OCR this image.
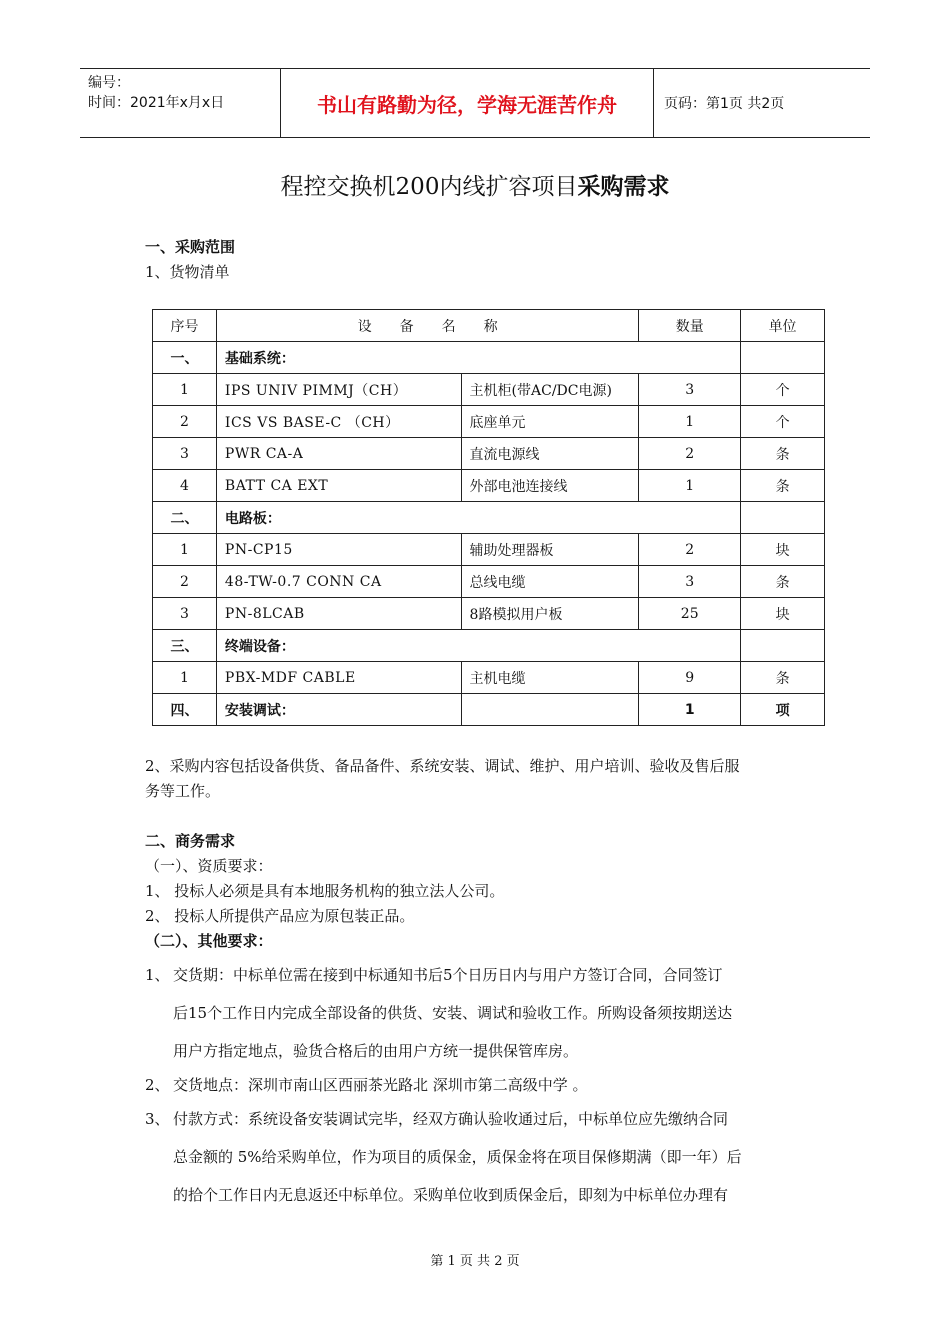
编号：
时间：2021年x月x日	书山有路勤为径，学海无涯苦作舟	页码：第1页 共2页
程控交换机200内线扩容项目采购需求
一、采购范围
1、货物清单
序号	设　　备　　名　　称		数量	单位
一、	基础系统：			
1	IPS UNIV PIMMJ（CH）	主机柜(带AC/DC电源)	3	个
2	ICS VS BASE-C （CH）	底座单元	1	个
3	PWR CA-A	直流电源线	2	条
4	BATT CA EXT	外部电池连接线	1	条
二、	电路板：			
1	PN-CP15	辅助处理器板	2	块
2	48-TW-0.7 CONN CA	总线电缆	3	条
3	PN-8LCAB	8路模拟用户板	25	块
三、	终端设备：			
1	PBX-MDF CABLE	主机电缆	9	条
四、	安装调试：		1	项
2、采购内容包括设备供货、备品备件、系统安装、调试、维护、用户培训、验收及售后服
务等工作。
二、商务需求
（一）、资质要求：
1、 投标人必须是具有本地服务机构的独立法人公司。
2、 投标人所提供产品应为原包装正品。
（二）、其他要求：
1、 交货期：中标单位需在接到中标通知书后5个日历日内与用户方签订合同，合同签订
后15个工作日内完成全部设备的供货、安装、调试和验收工作。所购设备须按期送达
用户方指定地点，验货合格后的由用户方统一提供保管库房。
2、 交货地点：深圳市南山区西丽茶光路北 深圳市第二高级中学 。
3、 付款方式：系统设备安装调试完毕，经双方确认验收通过后，中标单位应先缴纳合同
总金额的 5%给采购单位，作为项目的质保金，质保金将在项目保修期满（即一年）后
的拾个工作日内无息返还中标单位。采购单位收到质保金后，即刻为中标单位办理有
第 1 页 共 2 页
